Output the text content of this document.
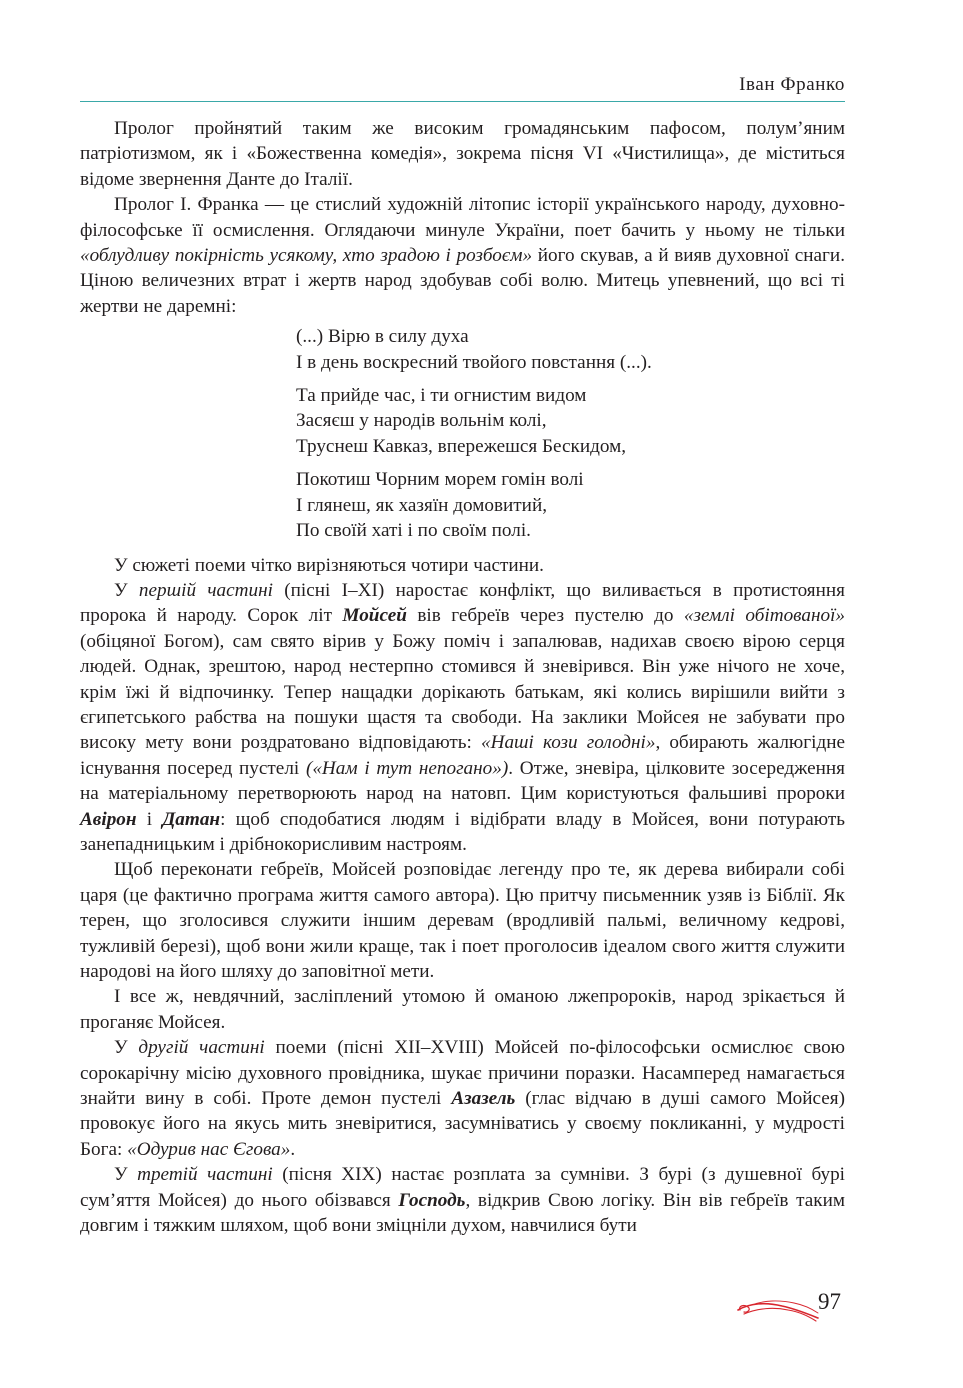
Іван Франко

Пролог пройнятий таким же високим громадянським пафосом, полум’яним патріотизмом, як і «Божественна комедія», зокрема пісня VI «Чистилища», де міститься відоме звернення Данте до Італії.

Пролог І. Франка — це стислий художній літопис історії українського народу, духовно-філософське її осмислення. Оглядаючи минуле України, поет бачить у ньому не тільки «облудливу покірність усякому, хто зрадою і розбоєм» його скував, а й вияв духовної снаги. Ціною величезних втрат і жертв народ здобував собі волю. Митець упевнений, що всі ті жертви не даремні:

(...) Вірю в силу духа
І в день воскресний твойого повстання (...).
Та прийде час, і ти огнистим видом
Засяєш у народів вольнім колі,
Труснеш Кавказ, впережешся Бескидом,
Покотиш Чорним морем гомін волі
І глянеш, як хазяїн домовитий,
По своїй хаті і по своїм полі.

У сюжеті поеми чітко вирізняються чотири частини.

У першій частині (пісні І–ХІ) наростає конфлікт, що виливається в протистояння пророка й народу. Сорок літ Мойсей вів гебреїв через пустелю до «землі обітованої» (обіцяної Богом), сам свято вірив у Божу поміч і запалював, надихав своєю вірою серця людей. Однак, зрештою, народ нестерпно стомився й зневірився. Він уже нічого не хоче, крім їжі й відпочинку. Тепер нащадки дорікають батькам, які колись вирішили вийти з єгипетського рабства на пошуки щастя та свободи. На заклики Мойсея не забувати про високу мету вони роздратовано відповідають: «Наші кози голодні», обирають жалюгідне існування посеред пустелі («Нам і тут непогано»). Отже, зневіра, цілковите зосередження на матеріальному перетворюють народ на натовп. Цим користуються фальшиві пророки Авірон і Датан: щоб сподобатися людям і відібрати владу в Мойсея, вони потурають занепадницьким і дрібнокорисливим настроям.

Щоб переконати гебреїв, Мойсей розповідає легенду про те, як дерева вибирали собі царя (це фактично програма життя самого автора). Цю притчу письменник узяв із Біблії. Як терен, що зголосився служити іншим деревам (вродливій пальмі, величному кедрові, тужливій березі), щоб вони жили краще, так і поет проголосив ідеалом свого життя служити народові на його шляху до заповітної мети.

І все ж, невдячний, засліплений утомою й оманою лжепророків, народ зрікається й проганяє Мойсея.

У другій частині поеми (пісні ХІІ–ХVІІІ) Мойсей по-філософськи осмислює свою сорокарічну місію духовного провідника, шукає причини поразки. Насамперед намагається знайти вину в собі. Проте демон пустелі Азазель (глас відчаю в душі самого Мойсея) провокує його на якусь мить зневіритися, засумніватись у своєму покликанні, у мудрості Бога: «Одурив нас Єгова».

У третій частині (пісня ХІХ) настає розплата за сумніви. З бурі (з душевної бурі сум’яття Мойсея) до нього обізвався Господь, відкрив Свою логіку. Він вів гебреїв таким довгим і тяжким шляхом, щоб вони зміцніли духом, навчилися бути

97
